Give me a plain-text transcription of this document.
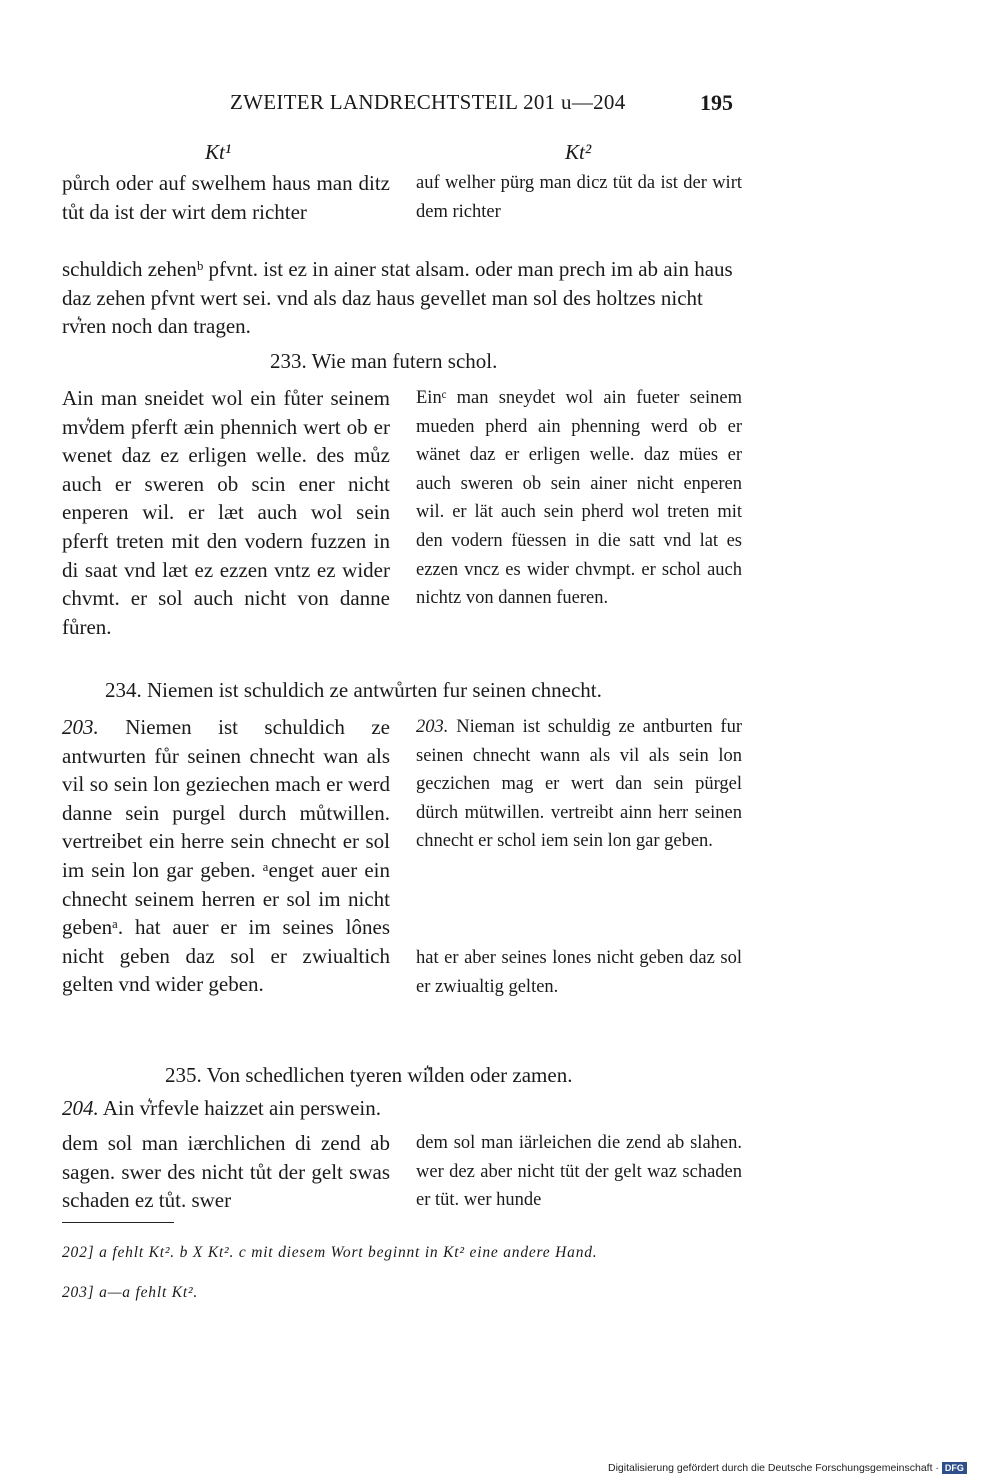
ZWEITER LANDRECHTSTEIL 201 u—204	195
Kt¹	Kt²
půrch oder auf swelhem haus man ditz tůt da ist der wirt dem richter
auf welher pürg man dicz tüt da ist der wirt dem richter
schuldich zehenᵇ pfvnt. ist ez in ainer stat alsam. oder man prech im ab ain haus daz zehen pfvnt wert sei. vnd als daz haus gevellet man sol des holtzes nicht rv͛ren noch dan tragen.
233. Wie man futern schol.
Ain man sneidet wol ein fůter seinem mv͛dem pferft æin phennich wert ob er wenet daz ez erligen welle. des můz auch er sweren ob scin ener nicht enperen wil. er læt auch wol sein pferft treten mit den vodern fuzzen in di saat vnd læt ez ezzen vntz ez wider chvmt. er sol auch nicht von danne fůren.
Einᶜ man sneydet wol ain fueter seinem mueden pherd ain phenning werd ob er wänet daz er erligen welle. daz mües er auch sweren ob sein ainer nicht enperen wil. er lät auch sein pherd wol treten mit den vodern füessen in die satt vnd lat es ezzen vncz es wider chvmpt. er schol auch nichtz von dannen fueren.
234. Niemen ist schuldich ze antwůrten fur seinen chnecht.
203. Niemen ist schuldich ze antwurten fůr seinen chnecht wan als vil so sein lon geziechen mach er werd danne sein purgel durch můtwillen. vertreibet ein herre sein chnecht er sol im sein lon gar geben. ᵃenget auer ein chnecht seinem herren er sol im nicht gebenᵃ. hat auer er im seines lônes nicht geben daz sol er zwiualtich gelten vnd wider geben.
203. Nieman ist schuldig ze antburten fur seinen chnecht wann als vil als sein lon geczichen mag er wert dan sein pürgel dürch mütwillen. vertreibt ainn herr seinen chnecht er schol iem sein lon gar geben.
hat er aber seines lones nicht geben daz sol er zwiualtig gelten.
235. Von schedlichen tyeren wi͛lden oder zamen.
204. Ain v͛rfevle haizzet ain perswein.
dem sol man iærchlichen di zend ab sagen. swer des nicht tůt der gelt swas schaden ez tůt. swer
dem sol man iärleichen die zend ab slahen. wer dez aber nicht tüt der gelt waz schaden er tüt. wer hunde
202] a fehlt Kt². b X Kt². c mit diesem Wort beginnt in Kt² eine andere Hand.
203] a—a fehlt Kt².
Digitalisierung gefördert durch die Deutsche Forschungsgemeinschaft · DFG
